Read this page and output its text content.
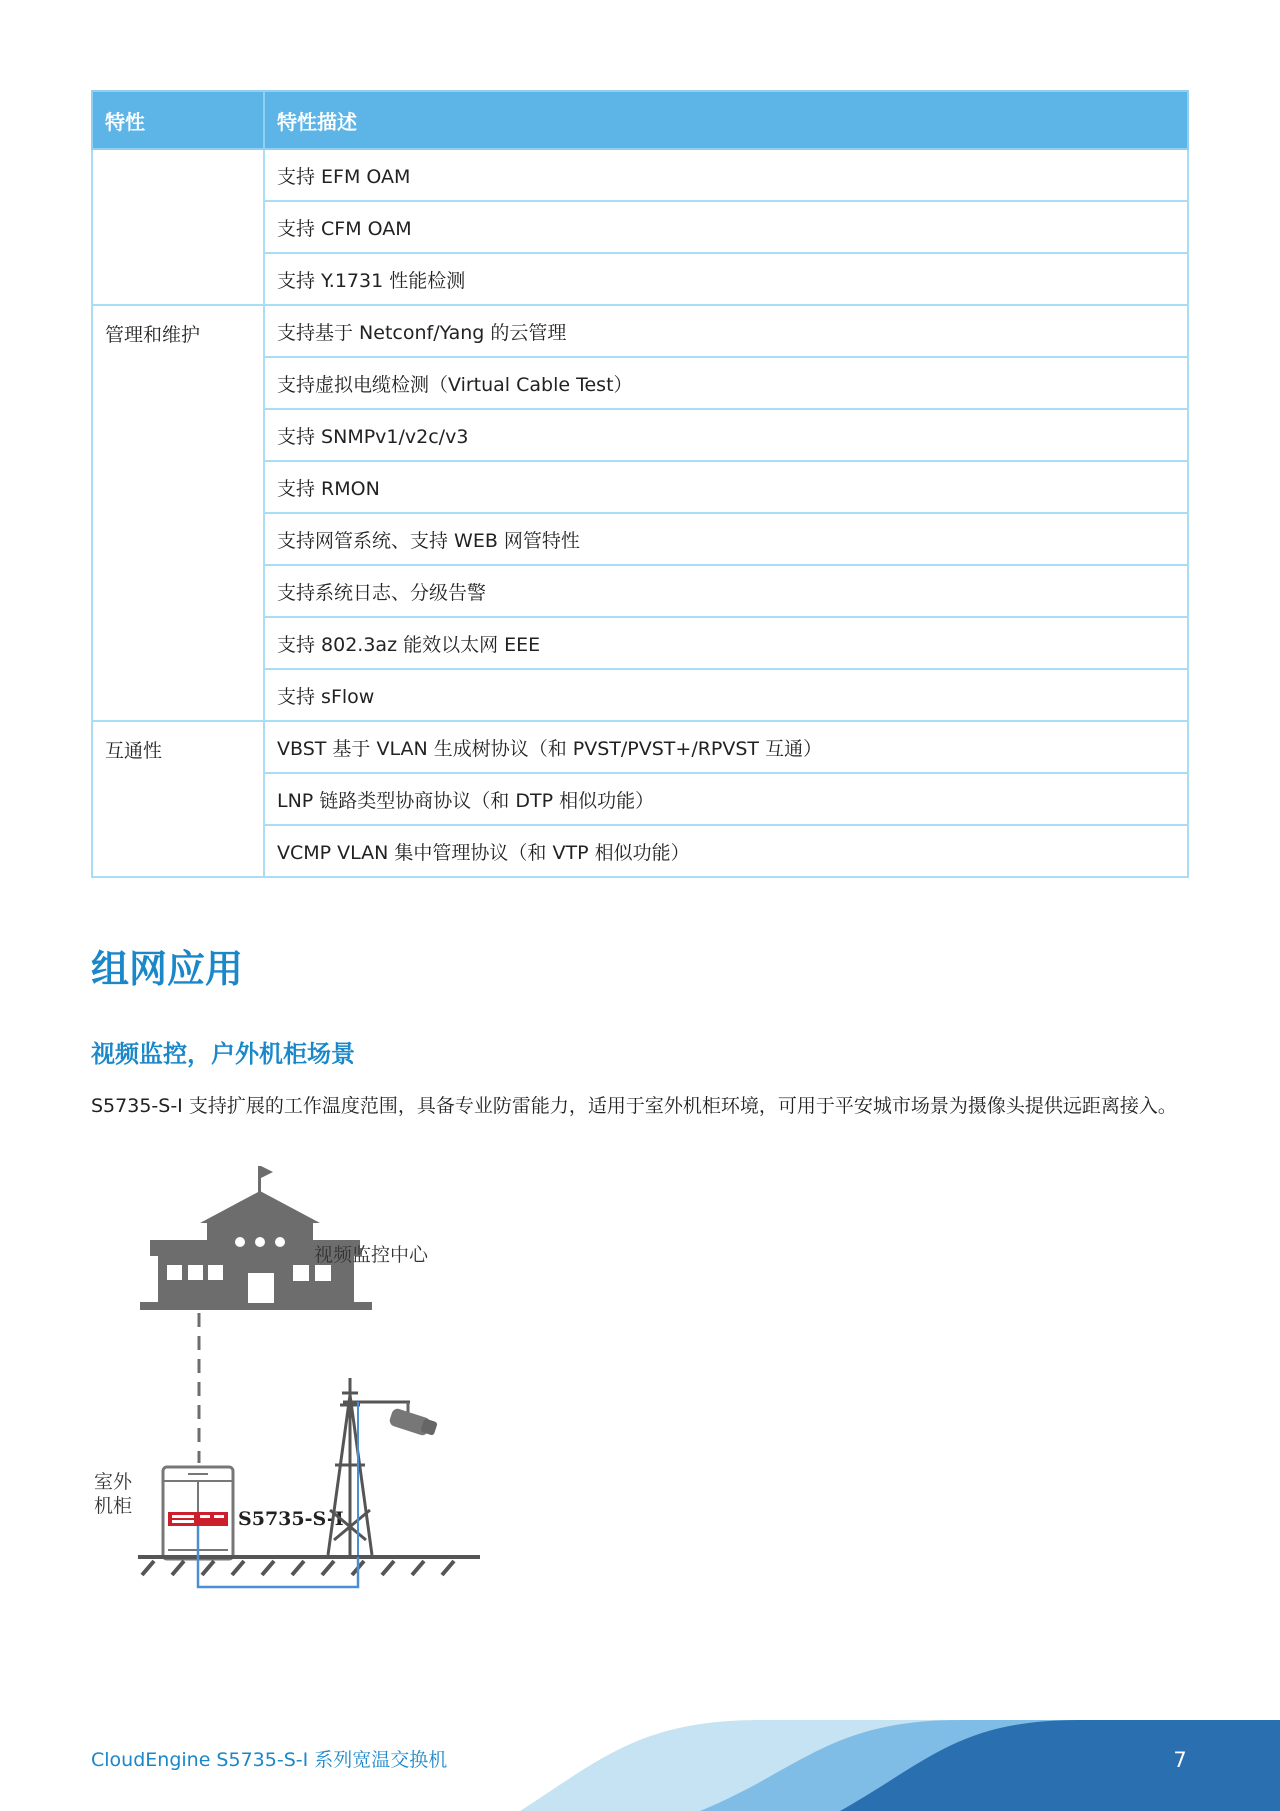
特性	特性描述
	支持 EFM OAM
	支持 CFM OAM
	支持 Y.1731 性能检测
管理和维护	支持基于 Netconf/Yang 的云管理
	支持虚拟电缆检测（Virtual Cable Test）
	支持 SNMPv1/v2c/v3
	支持 RMON
	支持网管系统、支持 WEB 网管特性
	支持系统日志、分级告警
	支持 802.3az 能效以太网 EEE
	支持 sFlow
互通性	VBST 基于 VLAN 生成树协议（和 PVST/PVST+/RPVST 互通）
	LNP 链路类型协商协议（和 DTP 相似功能）
	VCMP VLAN 集中管理协议（和 VTP 相似功能）
组网应用
视频监控，户外机柜场景

S5735-S-I 支持扩展的工作温度范围，具备专业防雷能力，适用于室外机柜环境，可用于平安城市场景为摄像头提供远距离接入。

视频监控中心
室外
机柜
S5735-S-I
CloudEngine S5735-S-I 系列宽温交换机	7
